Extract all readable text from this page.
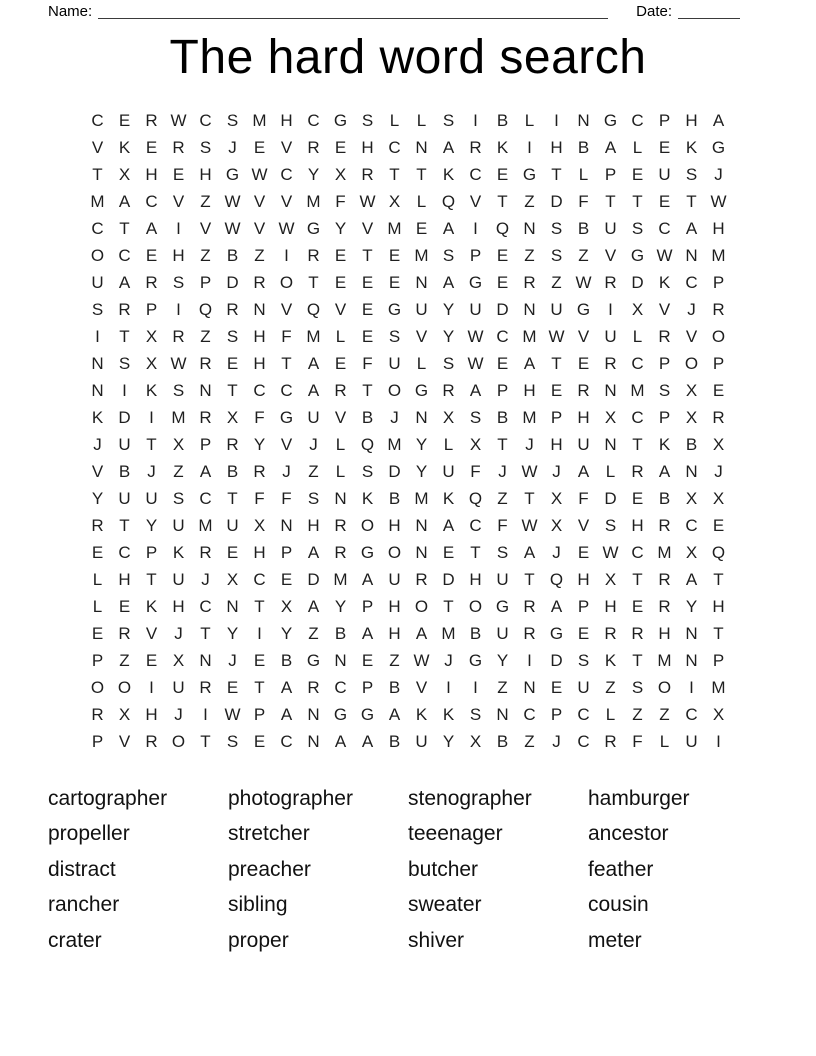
Name:	Date:
The hard word search
C E R W C S M H C G S L	L S	I	B L	I	N G C P H A
V K E R S	J	E V R E H C N A R K	I	H B A L E K G
T X H E H G W C Y X R T T K C E G T	L P E U S	J
M A C V Z W V V M F W X L Q V T Z D F T T E T W
C T A	I	V W V W G Y V M E A	I	Q N S B U S C A H
O C E H Z B Z	I	R E T E M S P E Z S Z V G W N M
U A R S P D R O T E E E N A G E R Z W R D K C P
S R P	I	Q R N V Q V E G U Y U D N U G	I	X V	J R
I	T X R Z S H F M L E S V Y W C M W V U L R V O
N S X W R E H T A E F U L S W E A T E R C P O P
N	I	K S N T C C A R T O G R A P H E R N M S X E
K D	I	M R X F G U V B	J N X S B M P H X C P X R
J U T X P R Y V	J	L Q M Y L X T	J H U N T K B X
V B	J	Z A B R J	Z	L S D Y U F	J W J	A L R A N J
Y U U S C T F F S N K B M K Q Z T X F D E B X X
R T Y U M U X N H R O H N A C F W X V S H R C E
E C P K R E H P A R G O N E T S A	J	E W C M X Q
L H T U J	X C E D M A U R D H U T Q H X T R A T
L E K H C N T X A Y P H O T O G R A P H E R Y H
E R V	J	T Y	I	Y Z B A H A M B U R G E R R H N T
P Z E X N J	E B G N E Z W J G Y	I	D S K T M N P
O O	I	U R E T A R C P B V	I	I	Z N E U Z S O	I	M
R X H J	I W P A N G G A K K S N C P C L	Z Z C X
P V R O T S E C N A A B U Y X B Z	J C R F	L U	I
cartographer
propeller
distract
rancher
crater
photographer
stretcher
preacher
sibling
proper
stenographer
teeenager
butcher
sweater
shiver
hamburger
ancestor
feather
cousin
meter
